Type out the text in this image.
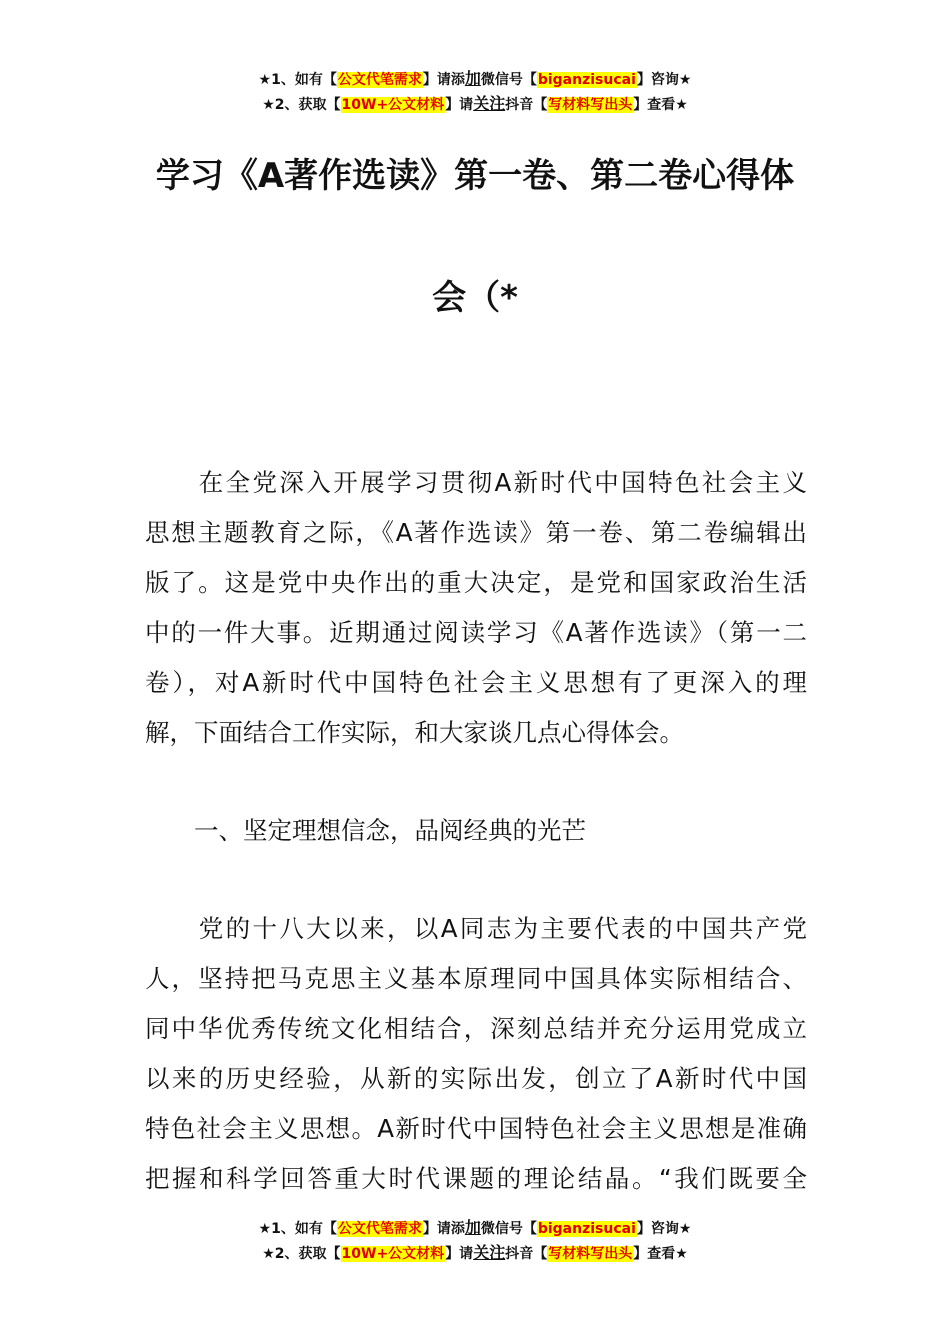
★1、如有【公文代笔需求】请添加微信号【biganzisucai】咨询★
★2、获取【10W+公文材料】请关注抖音【写材料写出头】查看★
学习《A著作选读》第一卷、第二卷心得体
会（*
　　在全党深入开展学习贯彻A新时代中国特色社会主义
思想主题教育之际，《A著作选读》第一卷、第二卷编辑出
版了。这是党中央作出的重大决定，是党和国家政治生活
中的一件大事。近期通过阅读学习《A著作选读》（第一二
卷），对A新时代中国特色社会主义思想有了更深入的理
解，下面结合工作实际，和大家谈几点心得体会。
　　一、坚定理想信念，品阅经典的光芒
　　党的十八大以来，以A同志为主要代表的中国共产党
人，坚持把马克思主义基本原理同中国具体实际相结合、
同中华优秀传统文化相结合，深刻总结并充分运用党成立
以来的历史经验，从新的实际出发，创立了A新时代中国
特色社会主义思想。A新时代中国特色社会主义思想是准确
把握和科学回答重大时代课题的理论结晶。“我们既要全
★1、如有【公文代笔需求】请添加微信号【biganzisucai】咨询★
★2、获取【10W+公文材料】请关注抖音【写材料写出头】查看★
